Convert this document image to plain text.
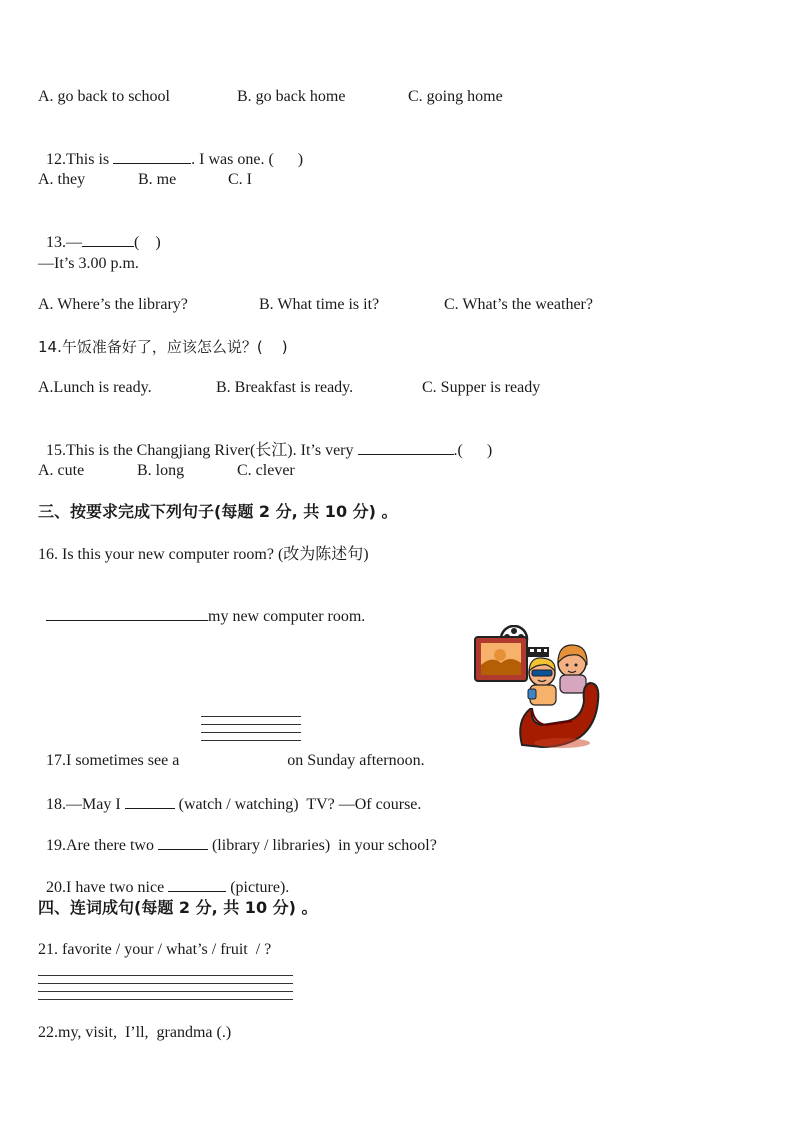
A. go back to school	B. go back home	C. going home

12.This is	. I was one. (      )

A. they	B. me	C. I

13.—	(    )

—It’s 3.00 p.m.
A. Where’s the library?	B. What time is it?	C. What’s the weather?
14.午饭准备好了，应该怎么说？(    )
A.Lunch is ready.	B. Breakfast is ready.	C. Supper is ready

15.This is the Changjiang River(长江). It’s very	.(      )

A. cute	B. long	C. clever
三、按要求完成下列句子(每题 2 分, 共 10 分) 。
16. Is this your new computer room? (改为陈述句)

my new computer room.

17.I sometimes see a	on Sunday afternoon.

18.—May I	(watch / watching)  TV? —Of course.

19.Are there two	(library / libraries)  in your school?

20.I have two nice	(picture).

四、连词成句(每题 2 分, 共 10 分) 。
21. favorite / your / what’s / fruit  / ?
22.my, visit,  I’ll,  grandma (.)
